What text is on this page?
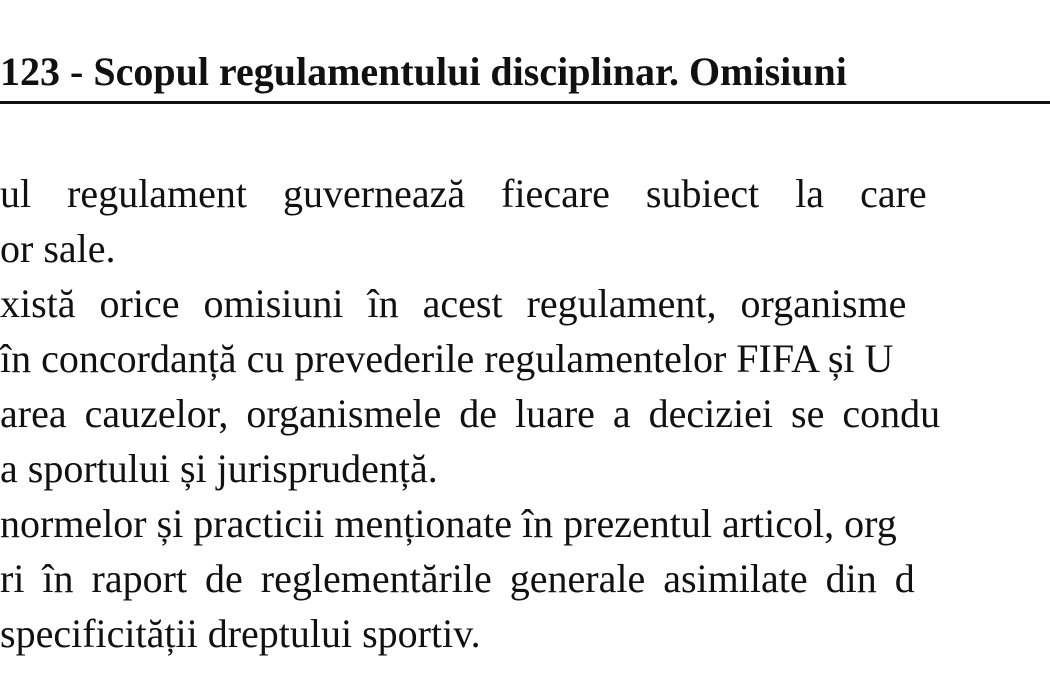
123 - Scopul regulamentului disciplinar. Omisiuni
ul regulament guvernează fiecare subiect la care
or sale.
xistă orice omisiuni în acest regulament, organisme
în concordanță cu prevederile regulamentelor FIFA și U
area cauzelor, organismele de luare a deciziei se condu
a sportului și jurisprudență.
normelor și practicii menționate în prezentul articol, org
ri în raport de reglementările generale asimilate din d
specificității dreptului sportiv.
